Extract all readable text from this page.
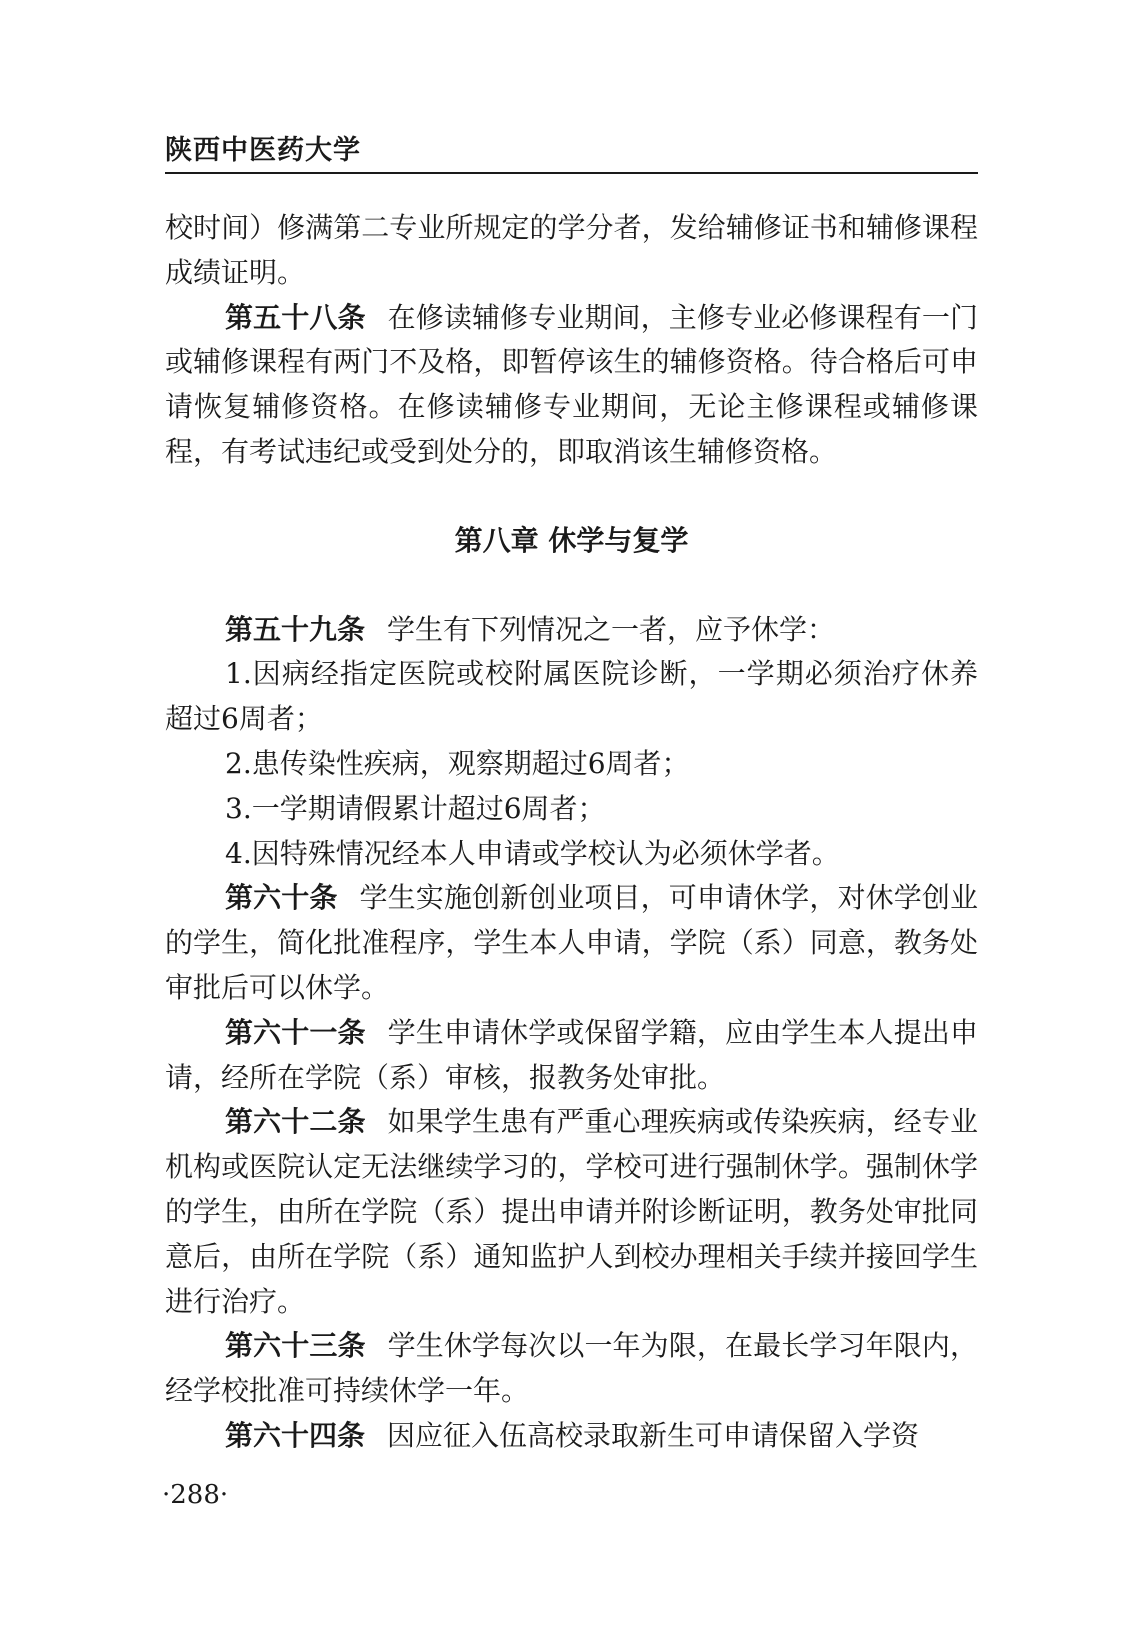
陕西中医药大学

校时间）修满第二专业所规定的学分者，发给辅修证书和辅修课程成绩证明。

第五十八条 在修读辅修专业期间，主修专业必修课程有一门或辅修课程有两门不及格，即暂停该生的辅修资格。待合格后可申请恢复辅修资格。在修读辅修专业期间，无论主修课程或辅修课程，有考试违纪或受到处分的，即取消该生辅修资格。

第八章 休学与复学

第五十九条 学生有下列情况之一者，应予休学：

1.因病经指定医院或校附属医院诊断，一学期必须治疗休养超过6周者；

2.患传染性疾病，观察期超过6周者；

3.一学期请假累计超过6周者；

4.因特殊情况经本人申请或学校认为必须休学者。

第六十条 学生实施创新创业项目，可申请休学，对休学创业的学生，简化批准程序，学生本人申请，学院（系）同意，教务处审批后可以休学。

第六十一条 学生申请休学或保留学籍，应由学生本人提出申请，经所在学院（系）审核，报教务处审批。

第六十二条 如果学生患有严重心理疾病或传染疾病，经专业机构或医院认定无法继续学习的，学校可进行强制休学。强制休学的学生，由所在学院（系）提出申请并附诊断证明，教务处审批同意后，由所在学院（系）通知监护人到校办理相关手续并接回学生进行治疗。

第六十三条 学生休学每次以一年为限，在最长学习年限内，经学校批准可持续休学一年。

第六十四条 因应征入伍高校录取新生可申请保留入学资

·288·
